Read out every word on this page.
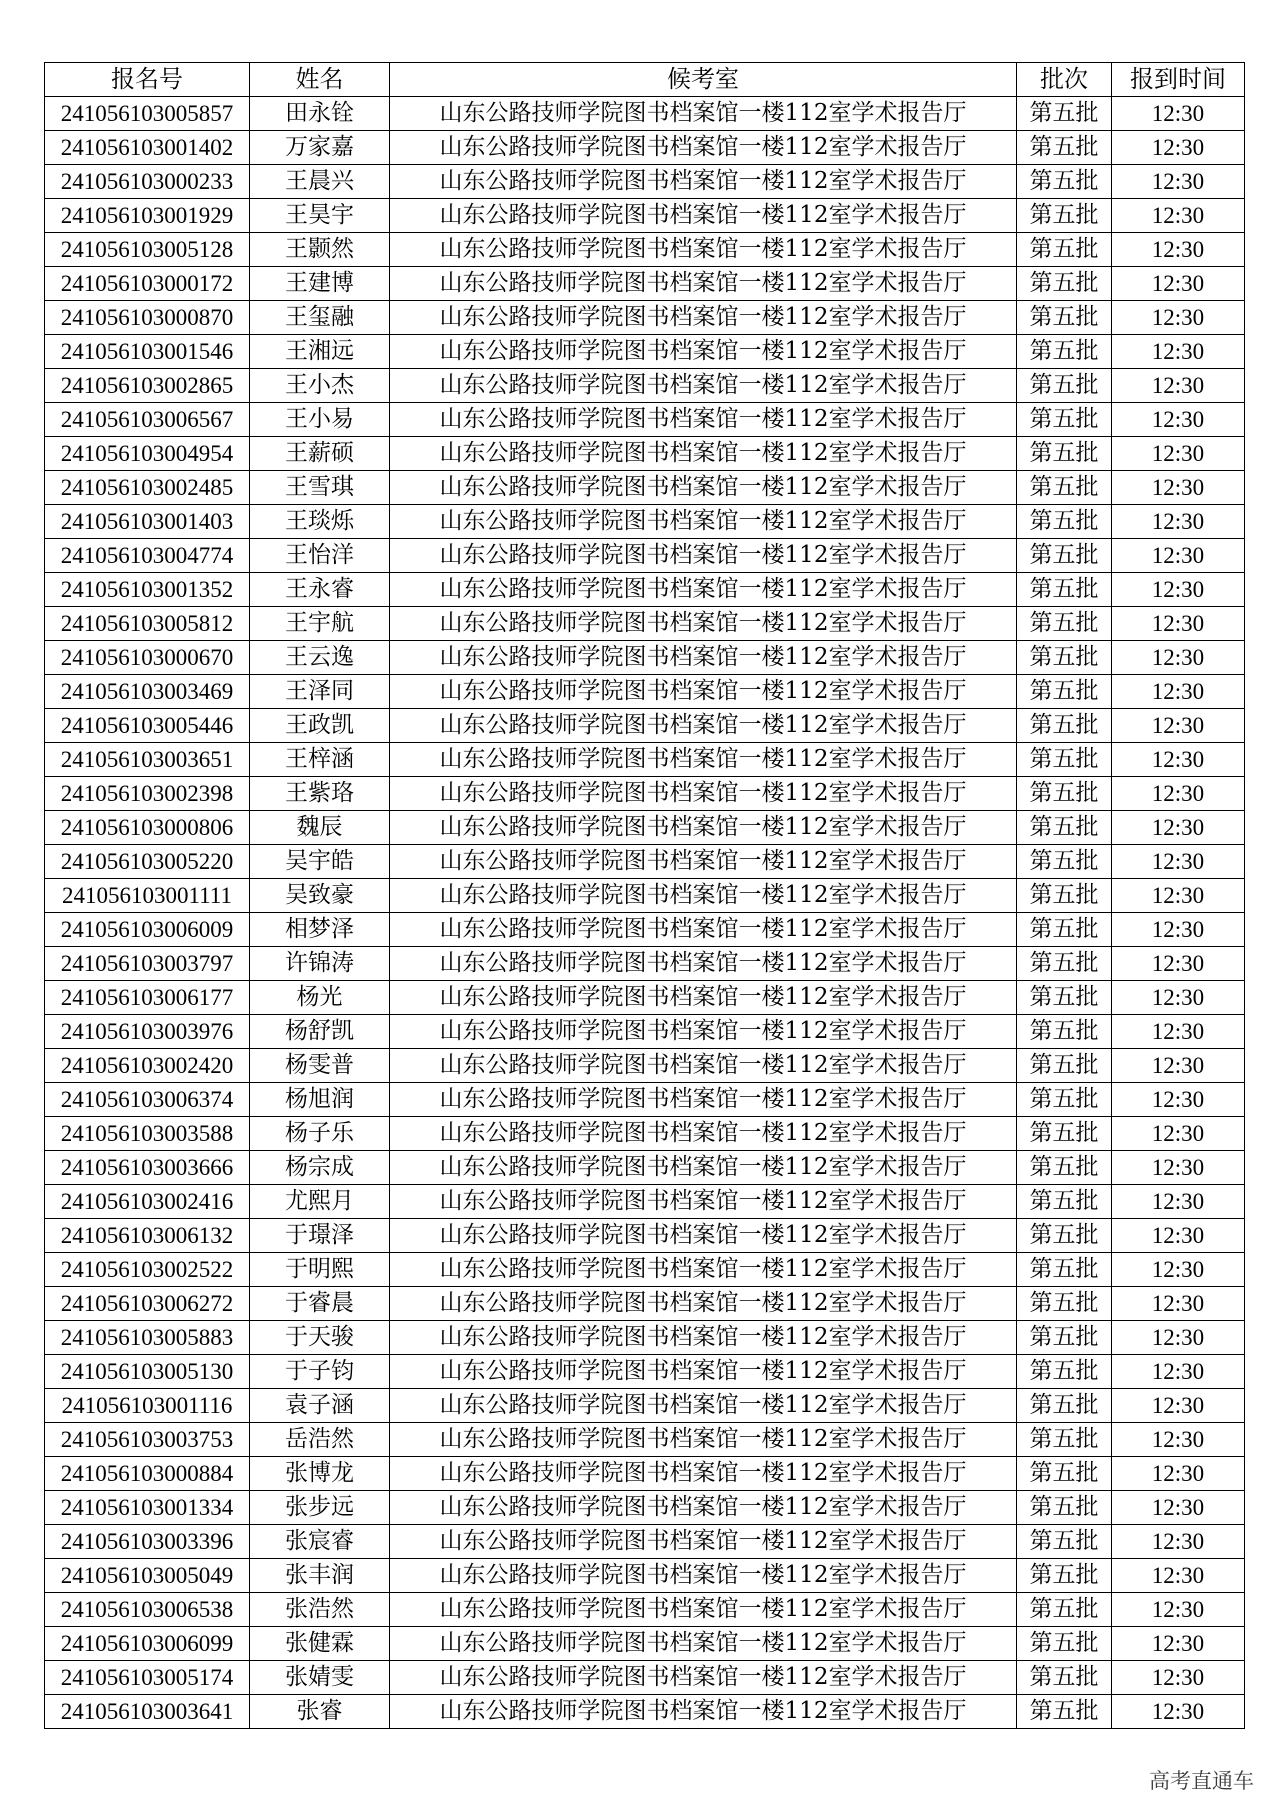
报名号	姓名	候考室	批次	报到时间
241056103005857	田永铨	山东公路技师学院图书档案馆一楼112室学术报告厅	第五批	12:30
241056103001402	万家嘉	山东公路技师学院图书档案馆一楼112室学术报告厅	第五批	12:30
241056103000233	王晨兴	山东公路技师学院图书档案馆一楼112室学术报告厅	第五批	12:30
241056103001929	王昊宇	山东公路技师学院图书档案馆一楼112室学术报告厅	第五批	12:30
241056103005128	王颢然	山东公路技师学院图书档案馆一楼112室学术报告厅	第五批	12:30
241056103000172	王建博	山东公路技师学院图书档案馆一楼112室学术报告厅	第五批	12:30
241056103000870	王玺融	山东公路技师学院图书档案馆一楼112室学术报告厅	第五批	12:30
241056103001546	王湘远	山东公路技师学院图书档案馆一楼112室学术报告厅	第五批	12:30
241056103002865	王小杰	山东公路技师学院图书档案馆一楼112室学术报告厅	第五批	12:30
241056103006567	王小易	山东公路技师学院图书档案馆一楼112室学术报告厅	第五批	12:30
241056103004954	王薪硕	山东公路技师学院图书档案馆一楼112室学术报告厅	第五批	12:30
241056103002485	王雪琪	山东公路技师学院图书档案馆一楼112室学术报告厅	第五批	12:30
241056103001403	王琰烁	山东公路技师学院图书档案馆一楼112室学术报告厅	第五批	12:30
241056103004774	王怡洋	山东公路技师学院图书档案馆一楼112室学术报告厅	第五批	12:30
241056103001352	王永睿	山东公路技师学院图书档案馆一楼112室学术报告厅	第五批	12:30
241056103005812	王宇航	山东公路技师学院图书档案馆一楼112室学术报告厅	第五批	12:30
241056103000670	王云逸	山东公路技师学院图书档案馆一楼112室学术报告厅	第五批	12:30
241056103003469	王泽同	山东公路技师学院图书档案馆一楼112室学术报告厅	第五批	12:30
241056103005446	王政凯	山东公路技师学院图书档案馆一楼112室学术报告厅	第五批	12:30
241056103003651	王梓涵	山东公路技师学院图书档案馆一楼112室学术报告厅	第五批	12:30
241056103002398	王紫珞	山东公路技师学院图书档案馆一楼112室学术报告厅	第五批	12:30
241056103000806	魏辰	山东公路技师学院图书档案馆一楼112室学术报告厅	第五批	12:30
241056103005220	吴宇皓	山东公路技师学院图书档案馆一楼112室学术报告厅	第五批	12:30
241056103001111	吴致豪	山东公路技师学院图书档案馆一楼112室学术报告厅	第五批	12:30
241056103006009	相梦泽	山东公路技师学院图书档案馆一楼112室学术报告厅	第五批	12:30
241056103003797	许锦涛	山东公路技师学院图书档案馆一楼112室学术报告厅	第五批	12:30
241056103006177	杨光	山东公路技师学院图书档案馆一楼112室学术报告厅	第五批	12:30
241056103003976	杨舒凯	山东公路技师学院图书档案馆一楼112室学术报告厅	第五批	12:30
241056103002420	杨雯普	山东公路技师学院图书档案馆一楼112室学术报告厅	第五批	12:30
241056103006374	杨旭润	山东公路技师学院图书档案馆一楼112室学术报告厅	第五批	12:30
241056103003588	杨子乐	山东公路技师学院图书档案馆一楼112室学术报告厅	第五批	12:30
241056103003666	杨宗成	山东公路技师学院图书档案馆一楼112室学术报告厅	第五批	12:30
241056103002416	尤熙月	山东公路技师学院图书档案馆一楼112室学术报告厅	第五批	12:30
241056103006132	于璟泽	山东公路技师学院图书档案馆一楼112室学术报告厅	第五批	12:30
241056103002522	于明熙	山东公路技师学院图书档案馆一楼112室学术报告厅	第五批	12:30
241056103006272	于睿晨	山东公路技师学院图书档案馆一楼112室学术报告厅	第五批	12:30
241056103005883	于天骏	山东公路技师学院图书档案馆一楼112室学术报告厅	第五批	12:30
241056103005130	于子钧	山东公路技师学院图书档案馆一楼112室学术报告厅	第五批	12:30
241056103001116	袁子涵	山东公路技师学院图书档案馆一楼112室学术报告厅	第五批	12:30
241056103003753	岳浩然	山东公路技师学院图书档案馆一楼112室学术报告厅	第五批	12:30
241056103000884	张博龙	山东公路技师学院图书档案馆一楼112室学术报告厅	第五批	12:30
241056103001334	张步远	山东公路技师学院图书档案馆一楼112室学术报告厅	第五批	12:30
241056103003396	张宸睿	山东公路技师学院图书档案馆一楼112室学术报告厅	第五批	12:30
241056103005049	张丰润	山东公路技师学院图书档案馆一楼112室学术报告厅	第五批	12:30
241056103006538	张浩然	山东公路技师学院图书档案馆一楼112室学术报告厅	第五批	12:30
241056103006099	张健霖	山东公路技师学院图书档案馆一楼112室学术报告厅	第五批	12:30
241056103005174	张婧雯	山东公路技师学院图书档案馆一楼112室学术报告厅	第五批	12:30
241056103003641	张睿	山东公路技师学院图书档案馆一楼112室学术报告厅	第五批	12:30
高考直通车
